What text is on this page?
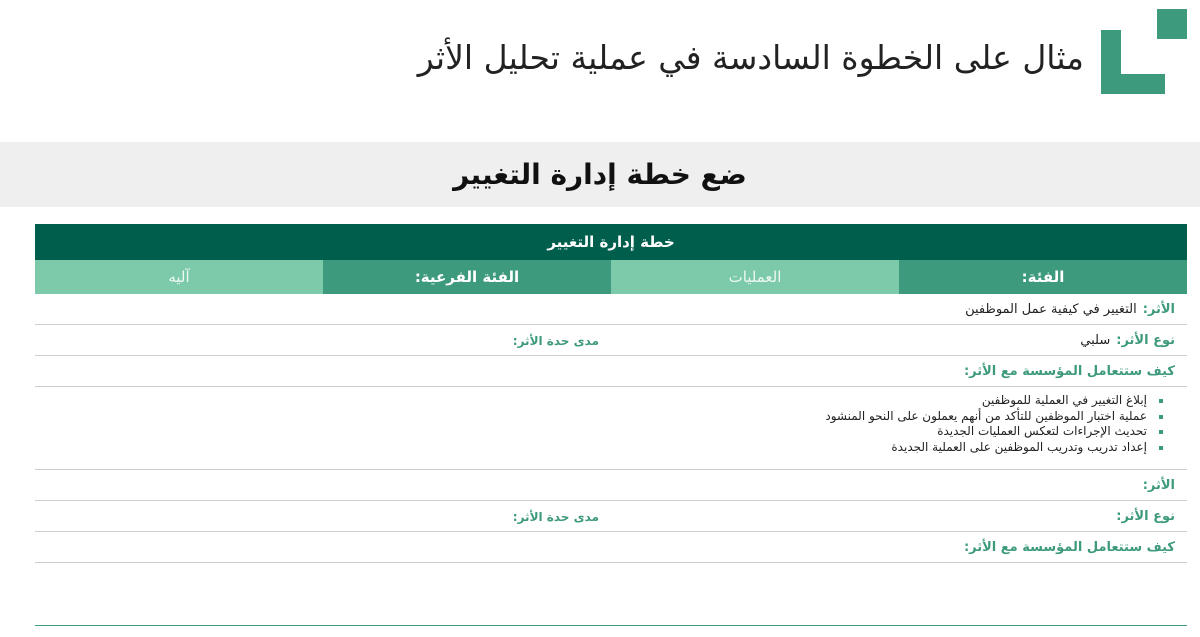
مثال على الخطوة السادسة في عملية تحليل الأثر
ضع خطة إدارة التغيير
خطة إدارة التغيير
الفئة:
العمليات
الفئة الفرعية:
آليه
الأثر:
التغيير في كيفية عمل الموظفين
نوع الأثر:
سلبي
مدى حدة الأثر:
كيف ستتعامل المؤسسة مع الأثر:
إبلاغ التغيير في العملية للموظفين
عملية اختبار الموظفين للتأكد من أنهم يعملون على النحو المنشود
تحديث الإجراءات لتعكس العمليات الجديدة
إعداد تدريب وتدريب الموظفين على العملية الجديدة
الأثر:
نوع الأثر:
مدى حدة الأثر:
كيف ستتعامل المؤسسة مع الأثر:
